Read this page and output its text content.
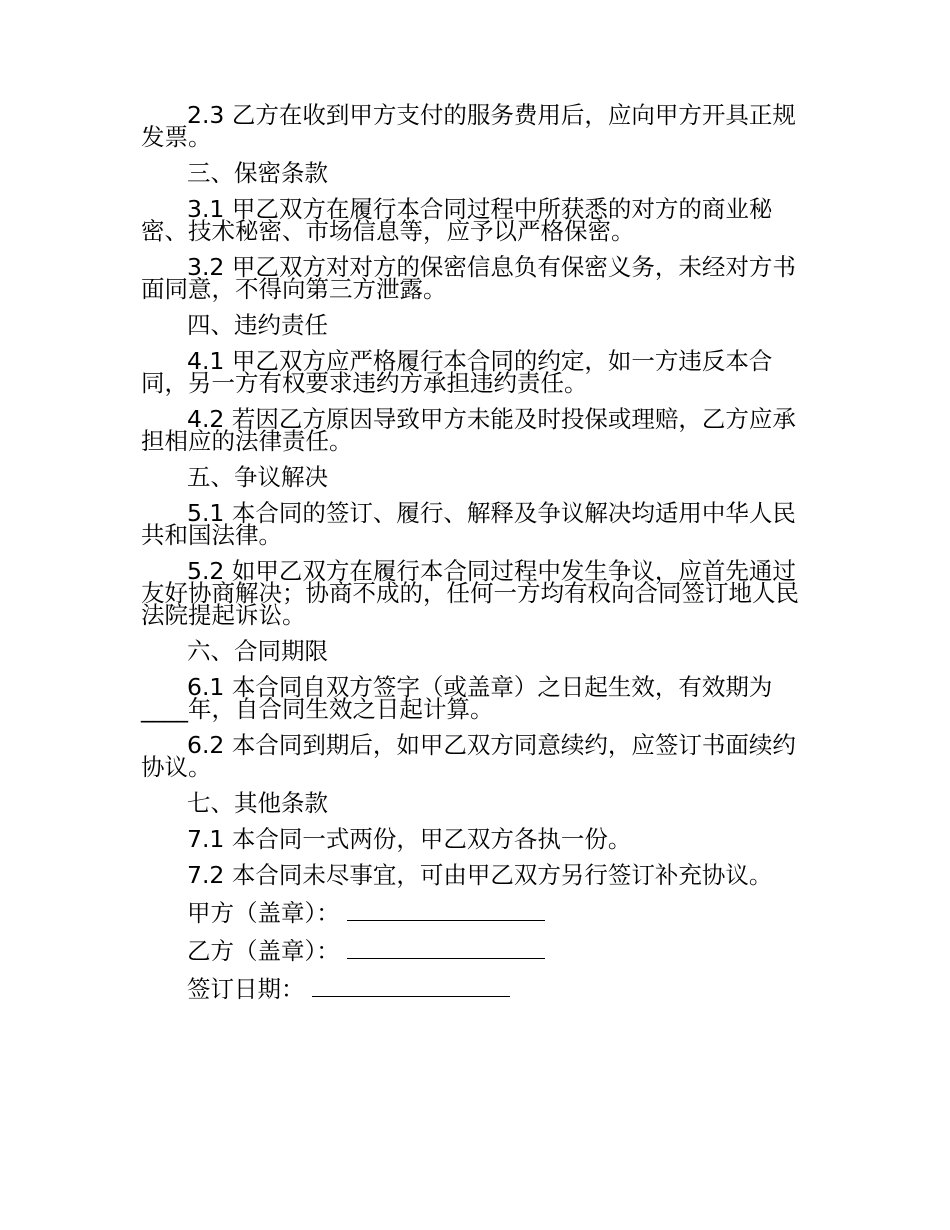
2.3 乙方在收到甲方支付的服务费用后，应向甲方开具正规发票。

三、保密条款

3.1 甲乙双方在履行本合同过程中所获悉的对方的商业秘密、技术秘密、市场信息等，应予以严格保密。

3.2 甲乙双方对对方的保密信息负有保密义务，未经对方书面同意，不得向第三方泄露。

四、违约责任

4.1 甲乙双方应严格履行本合同的约定，如一方违反本合同，另一方有权要求违约方承担违约责任。

4.2 若因乙方原因导致甲方未能及时投保或理赔，乙方应承担相应的法律责任。

五、争议解决

5.1 本合同的签订、履行、解释及争议解决均适用中华人民共和国法律。

5.2 如甲乙双方在履行本合同过程中发生争议，应首先通过友好协商解决；协商不成的，任何一方均有权向合同签订地人民法院提起诉讼。

六、合同期限

6.1 本合同自双方签字（或盖章）之日起生效，有效期为____年，自合同生效之日起计算。

6.2 本合同到期后，如甲乙双方同意续约，应签订书面续约协议。

七、其他条款

7.1 本合同一式两份，甲乙双方各执一份。

7.2 本合同未尽事宜，可由甲乙双方另行签订补充协议。

甲方（盖章）：
乙方（盖章）：
签订日期：
